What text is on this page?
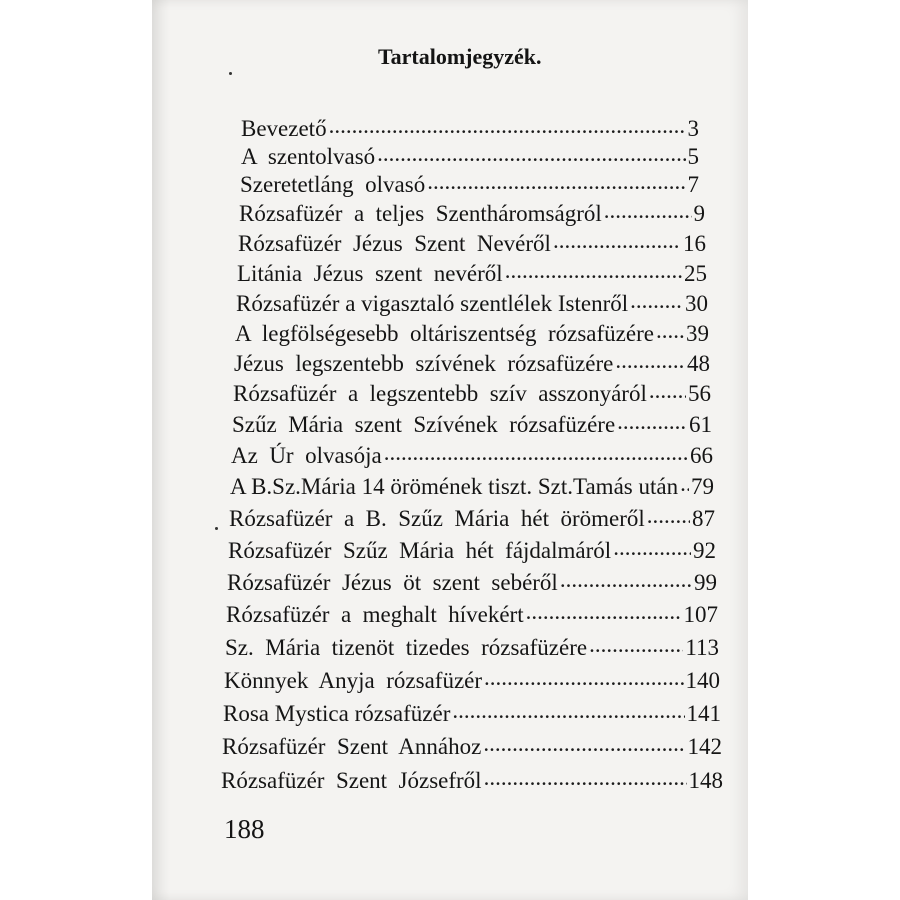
Tartalomjegyzék.
Bevezető .....	3
A  szentolvasó .....	5
Szeretetláng  olvasó .....	7
Rózsafüzér  a  teljes  Szentháromságról .....	9
Rózsafüzér  Jézus  Szent  Nevéről .....	16
Litánia  Jézus  szent  nevéről .....	25
Rózsafüzér a vigasztaló szentlélek Istenről ..... 30
A  legfölségesebb  oltáriszentség  rózsafüzére ..... 39
Jézus  legszentebb  szívének  rózsafüzére .....	48
Rózsafüzér  a  legszentebb  szív  asszonyáról ..... 56
Szűz  Mária  szent  Szívének  rózsafüzére .....	61
Az  Úr  olvasója .....	66
A B.Sz.Mária 14 örömének tiszt. Szt.Tamás után ..... 79
Rózsafüzér  a  B.  Szűz  Mária  hét  örömeről ..... 87
Rózsafüzér  Szűz  Mária  hét  fájdalmáról .....	92
Rózsafüzér  Jézus  öt  szent  sebéről .....	99
Rózsafüzér  a  meghalt  hívekért .....	107
Sz.  Mária  tizenöt  tizedes  rózsafüzére .....	113
Könnyek  Anyja  rózsafüzér .....	140
Rosa Mystica rózsafüzér .....	141
Rózsafüzér  Szent  Annához .....	142
Rózsafüzér  Szent  Józsefről .....	148
188
